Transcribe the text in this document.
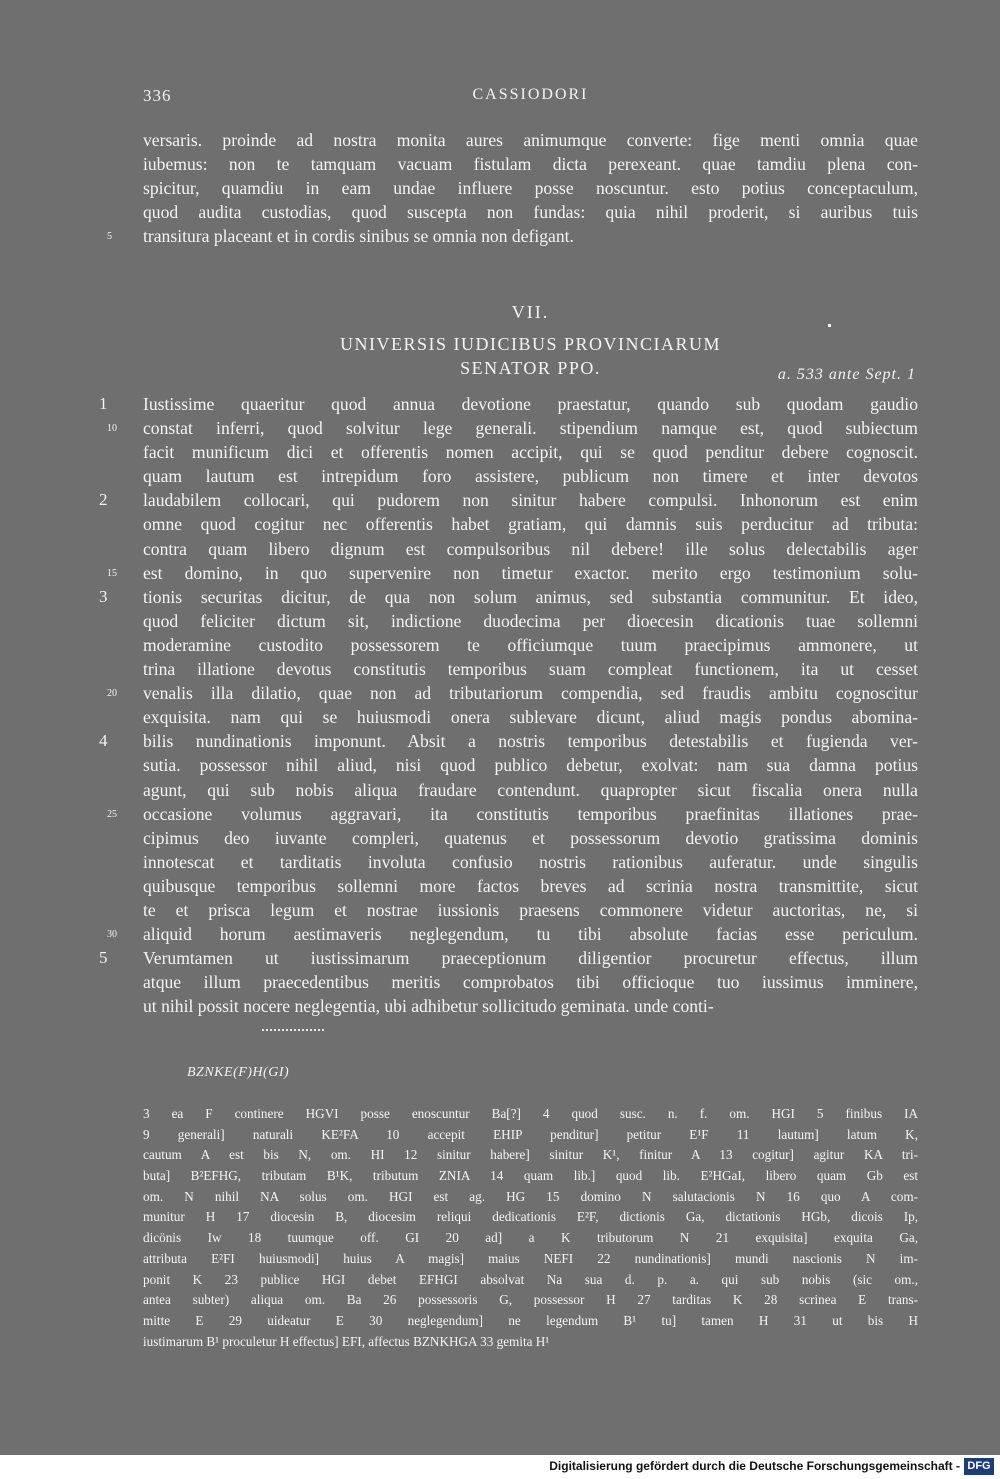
336	CASSIODORI
versaris. proinde ad nostra monita aures animumque converte: fige menti omnia quae
iubemus: non te tamquam vacuam fistulam dicta perexeant. quae tamdiu plena con-
spicitur, quamdiu in eam undae influere posse noscuntur. esto potius conceptaculum,
quod audita custodias, quod suscepta non fundas: quia nihil proderit, si auribus tuis
transitura placeant et in cordis sinibus se omnia non defigant.
5
VII.
UNIVERSIS IUDICIBUS PROVINCIARUM
SENATOR PPO.	a. 533 ante Sept. 1
Iustissime quaeritur quod annua devotione praestatur, quando sub quodam gaudio
1
constat inferri, quod solvitur lege generali. stipendium namque est, quod subiectum
10
facit munificum dici et offerentis nomen accipit, qui se quod penditur debere cognoscit.
quam lautum est intrepidum foro assistere, publicum non timere et inter devotos
laudabilem collocari, qui pudorem non sinitur habere compulsi. Inhonorum est enim
2
omne quod cogitur nec offerentis habet gratiam, qui damnis suis perducitur ad tributa:
contra quam libero dignum est compulsoribus nil debere! ille solus delectabilis ager
est domino, in quo supervenire non timetur exactor. merito ergo testimonium solu-
15
tionis securitas dicitur, de qua non solum animus, sed substantia communitur. Et ideo,
3
quod feliciter dictum sit, indictione duodecima per dioecesin dicationis tuae sollemni
moderamine custodito possessorem te officiumque tuum praecipimus ammonere, ut
trina illatione devotus constitutis temporibus suam compleat functionem, ita ut cesset
venalis illa dilatio, quae non ad tributariorum compendia, sed fraudis ambitu cognoscitur
20
exquisita. nam qui se huiusmodi onera sublevare dicunt, aliud magis pondus abomina-
bilis nundinationis imponunt. Absit a nostris temporibus detestabilis et fugienda ver-
4
sutia. possessor nihil aliud, nisi quod publico debetur, exolvat: nam sua damna potius
agunt, qui sub nobis aliqua fraudare contendunt. quapropter sicut fiscalia onera nulla
occasione volumus aggravari, ita constitutis temporibus praefinitas illationes prae-
25
cipimus deo iuvante compleri, quatenus et possessorum devotio gratissima dominis
innotescat et tarditatis involuta confusio nostris rationibus auferatur. unde singulis
quibusque temporibus sollemni more factos breves ad scrinia nostra transmittite, sicut
te et prisca legum et nostrae iussionis praesens commonere videtur auctoritas, ne, si
aliquid horum aestimaveris neglegendum, tu tibi absolute facias esse periculum.
30
Verumtamen ut iustissimarum praeceptionum diligentior procuretur effectus, illum
5
atque illum praecedentibus meritis comprobatos tibi officioque tuo iussimus imminere,
ut nihil possit nocere neglegentia, ubi adhibetur sollicitudo geminata. unde conti-
BZNKE(F)H(GI)
3 ea F continere HGVI posse enoscuntur Ba[?] 4 quod susc. n. f. om. HGI 5 finibus IA
9 generali] naturali KE²FA 10 accepit EHIP penditur] petitur E¹F 11 lautum] latum K,
cautum A est bis N, om. HI 12 sinitur habere] sinitur K¹, finitur A 13 cogitur] agitur KA tri-
buta] B²EFHG, tributam B¹K, tributum ZNIA 14 quam lib.] quod lib. E²HGaI, libero quam Gb est
om. N nihil NA solus om. HGI est ag. HG 15 domino N salutacionis N 16 quo A com-
munitur H 17 diocesin B, diocesim reliqui dedicationis E²F, dictionis Ga, dictationis HGb, dicois Ip,
dicönis Iw 18 tuumque off. GI 20 ad] a K tributorum N 21 exquisita] exquita Ga,
attributa E²FI huiusmodi] huius A magis] maius NEFI 22 nundinationis] mundi nascionis N im-
ponit K 23 publice HGI debet EFHGI absolvat Na sua d. p. a. qui sub nobis (sic om.,
antea subter) aliqua om. Ba 26 possessoris G, possessor H 27 tarditas K 28 scrinea E trans-
mitte E 29 uideatur E 30 neglegendum] ne legendum B¹ tu] tamen H 31 ut bis H
iustimarum B¹ proculetur H effectus] EFI, affectus BZNKHGA 33 gemita H¹
Digitalisierung gefördert durch die Deutsche Forschungsgemeinschaft - DFG
